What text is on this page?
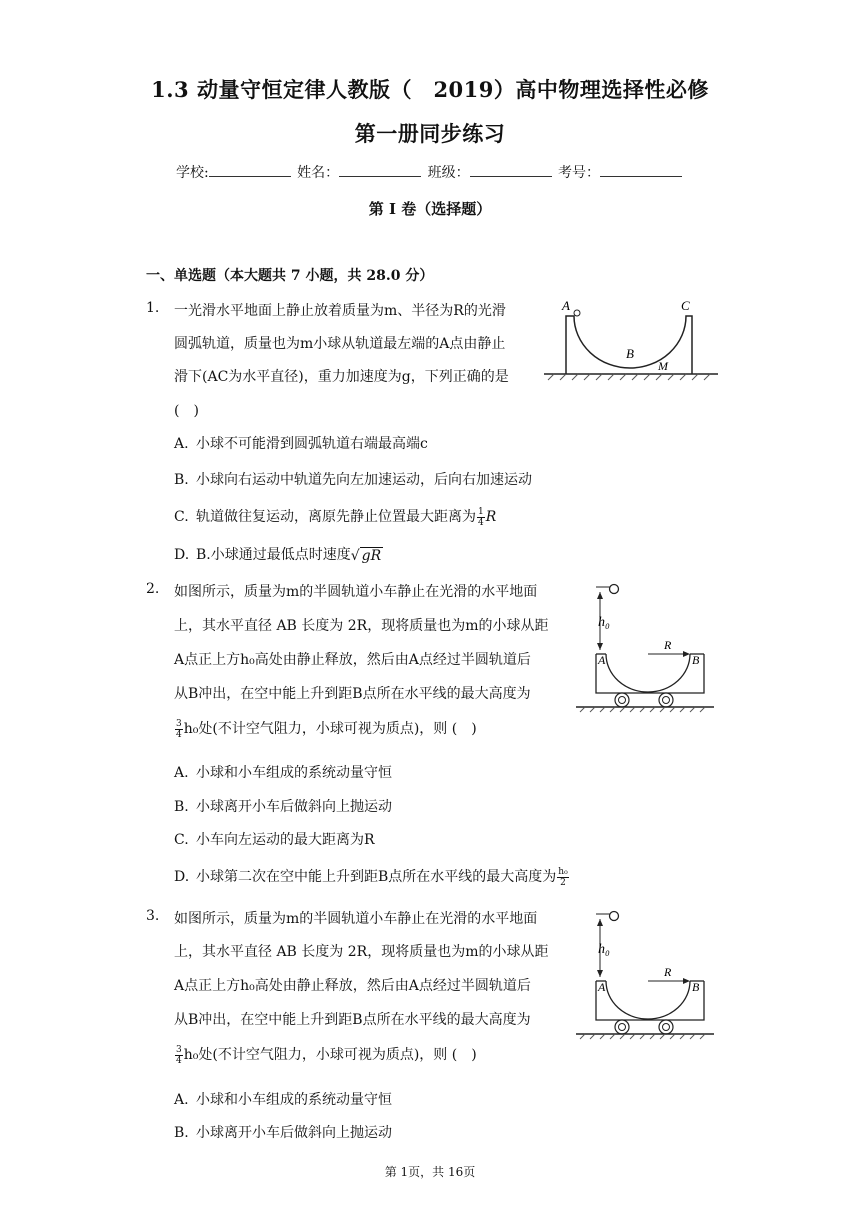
1.3 动量守恒定律人教版（　2019）高中物理选择性必修
第一册同步练习
学校:	姓名：	班级：	考号：
第 I 卷（选择题）
一、单选题（本大题共 7 小题，共 28.0 分）
1. 一光滑水平地面上静止放着质量为m、半径为R的光滑
圆弧轨道，质量也为m小球从轨道最左端的A点由静止
滑下(AC为水平直径)，重力加速度为g，下列正确的是
(　)
A. 小球不可能滑到圆弧轨道右端最高端c
B. 小球向右运动中轨道先向左加速运动，后向右加速运动
C. 轨道做往复运动，离原先静止位置最大距离为 $\frac{1}{4}$ R
D. B.小球通过最低点时速度√ gR
A	C
B
M
2. 如图所示，质量为m的半圆轨道小车静止在光滑的水平地面
上，其水平直径 AB 长度为 2R，现将质量也为m的小球从距
A点正上方h₀高处由静止释放，然后由A点经过半圆轨道后
从B冲出，在空中能上升到距B点所在水平线的最大高度为
$\frac{3}{4} h_0$处(不计空气阻力，小球可视为质点)，则 (　)
A. 小球和小车组成的系统动量守恒
B. 小球离开小车后做斜向上抛运动
C. 小车向左运动的最大距离为R
D. 小球第二次在空中能上升到距B点所在水平线的最大高度为 $\frac{\text{h₀}}{2}$
h₀
A	B
R
3. 如图所示，质量为m的半圆轨道小车静止在光滑的水平地面
上，其水平直径 AB 长度为 2R，现将质量也为m的小球从距
A点正上方h₀高处由静止释放，然后由A点经过半圆轨道后
从B冲出，在空中能上升到距B点所在水平线的最大高度为
$\frac{3}{4} h_0$处(不计空气阻力，小球可视为质点)，则 (　)
A. 小球和小车组成的系统动量守恒
B. 小球离开小车后做斜向上抛运动
h₀
A	B
R
第 1页，共 16页
